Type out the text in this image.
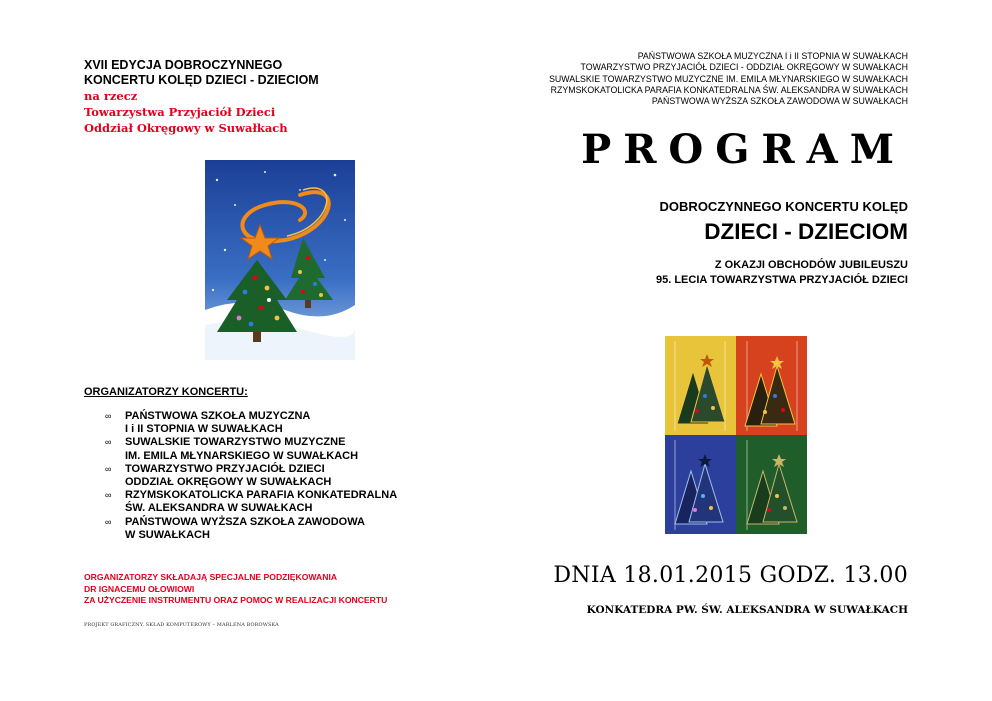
XVII EDYCJA DOBROCZYNNEGO
KONCERTU KOLĘD DZIECI - DZIECIOM
na rzecz
Towarzystwa Przyjaciół Dzieci
Oddział Okręgowy w Suwałkach
ORGANIZATORZY KONCERTU:
∞ PAŃSTWOWA SZKOŁA MUZYCZNA
I i II STOPNIA W SUWAŁKACH
∞ SUWALSKIE TOWARZYSTWO MUZYCZNE
IM. EMILA MŁYNARSKIEGO W SUWAŁKACH
∞ TOWARZYSTWO PRZYJACIÓŁ DZIECI
ODDZIAŁ OKRĘGOWY W SUWAŁKACH
∞ RZYMSKOKATOLICKA PARAFIA KONKATEDRALNA
ŚW. ALEKSANDRA W SUWAŁKACH
∞ PAŃSTWOWA WYŻSZA SZKOŁA ZAWODOWA
W SUWAŁKACH
ORGANIZATORZY SKŁADAJĄ SPECJALNE PODZIĘKOWANIA
DR IGNACEMU OŁOWIOWI
ZA UŻYCZENIE INSTRUMENTU ORAZ POMOC W REALIZACJI KONCERTU
PROJEKT GRAFICZNY, SKŁAD KOMPUTEROWY – MARLENA BOROWSKA
PAŃSTWOWA SZKOŁA MUZYCZNA I i II STOPNIA W SUWAŁKACH
TOWARZYSTWO PRZYJACIÓŁ DZIECI - ODDZIAŁ OKRĘGOWY W SUWAŁKACH
SUWALSKIE TOWARZYSTWO MUZYCZNE IM. EMILA MŁYNARSKIEGO W SUWAŁKACH
RZYMSKOKATOLICKA PARAFIA KONKATEDRALNA ŚW. ALEKSANDRA W SUWAŁKACH
PAŃSTWOWA WYŻSZA SZKOŁA ZAWODOWA W SUWAŁKACH
PROGRAM
DOBROCZYNNEGO KONCERTU KOLĘD
DZIECI - DZIECIOM
Z OKAZJI OBCHODÓW JUBILEUSZU
95. LECIA TOWARZYSTWA PRZYJACIÓŁ DZIECI
DNIA 18.01.2015 GODZ. 13.00
KONKATEDRA PW. ŚW. ALEKSANDRA W SUWAŁKACH
